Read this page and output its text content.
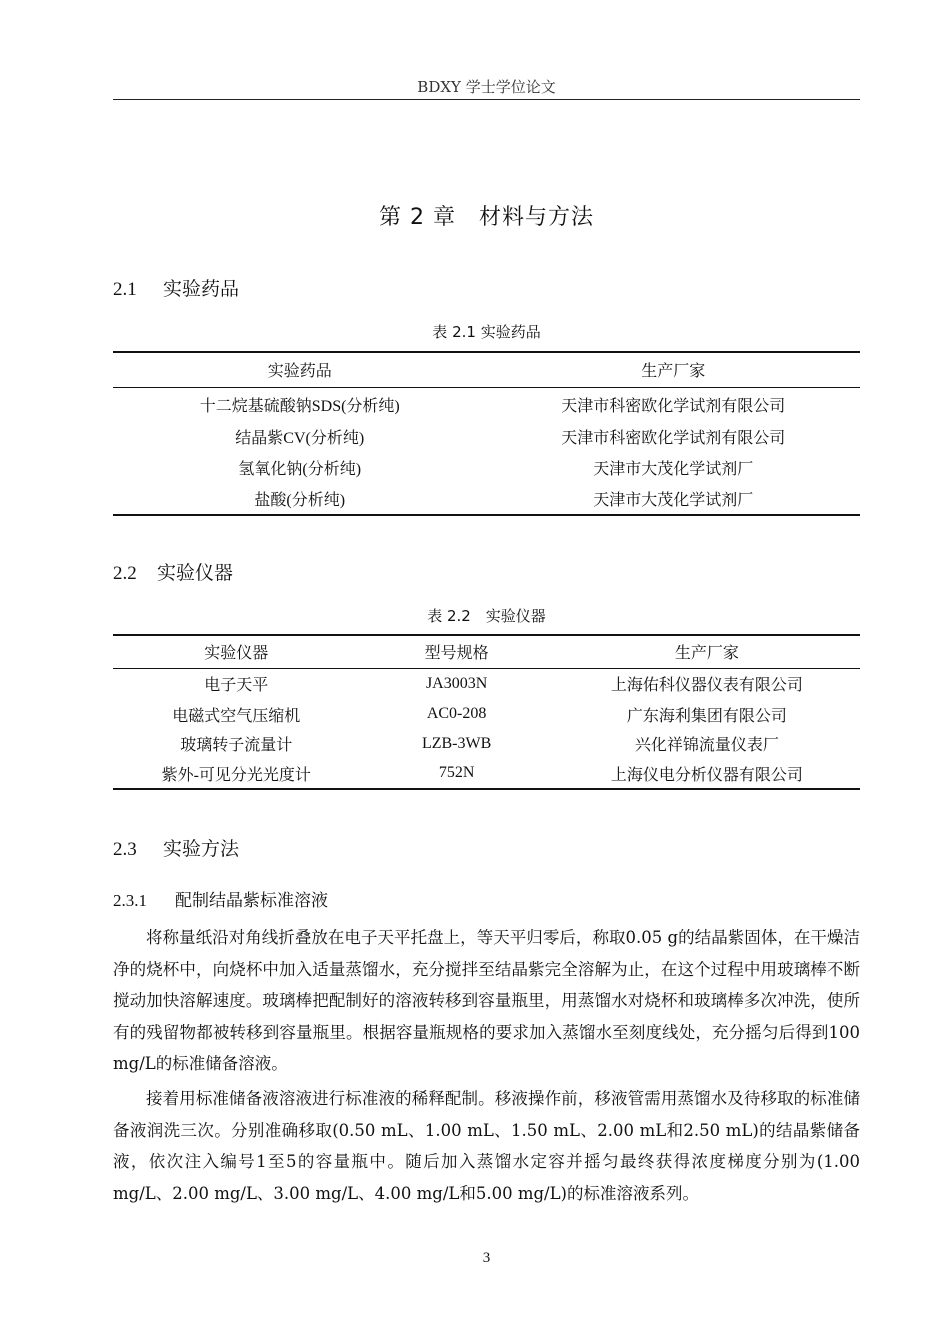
BDXY 学士学位论文
第 2 章　材料与方法
2.1 实验药品
表 2.1 实验药品
实验药品	生产厂家
十二烷基硫酸钠SDS(分析纯)	天津市科密欧化学试剂有限公司
结晶紫CV(分析纯)	天津市科密欧化学试剂有限公司
氢氧化钠(分析纯)	天津市大茂化学试剂厂
盐酸(分析纯)	天津市大茂化学试剂厂
2.2 实验仪器
表 2.2　实验仪器
实验仪器	型号规格	生产厂家
电子天平	JA3003N	上海佑科仪器仪表有限公司
电磁式空气压缩机	AC0-208	广东海利集团有限公司
玻璃转子流量计	LZB-3WB	兴化祥锦流量仪表厂
紫外-可见分光光度计	752N	上海仪电分析仪器有限公司
2.3 实验方法
2.3.1 配制结晶紫标准溶液

将称量纸沿对角线折叠放在电子天平托盘上，等天平归零后，称取0.05 g的结晶紫固体，在干燥洁净的烧杯中，向烧杯中加入适量蒸馏水，充分搅拌至结晶紫完全溶解为止，在这个过程中用玻璃棒不断搅动加快溶解速度。玻璃棒把配制好的溶液转移到容量瓶里，用蒸馏水对烧杯和玻璃棒多次冲洗，使所有的残留物都被转移到容量瓶里。根据容量瓶规格的要求加入蒸馏水至刻度线处，充分摇匀后得到100 mg/L的标准储备溶液。

接着用标准储备液溶液进行标准液的稀释配制。移液操作前，移液管需用蒸馏水及待移取的标准储备液润洗三次。分别准确移取(0.50 mL、1.00 mL、1.50 mL、2.00 mL和2.50 mL)的结晶紫储备液，依次注入编号1至5的容量瓶中。随后加入蒸馏水定容并摇匀最终获得浓度梯度分别为(1.00 mg/L、2.00 mg/L、3.00 mg/L、4.00 mg/L和5.00 mg/L)的标准溶液系列。

3
